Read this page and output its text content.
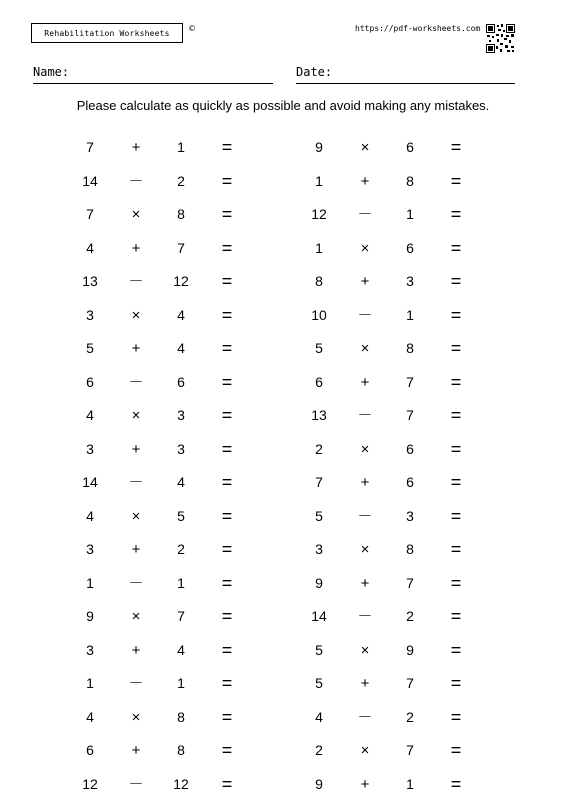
Rehabilitation Worksheets	©	https://pdf-worksheets.com
Name:	Date:
Please calculate as quickly as possible and avoid making any mistakes.
7	+	1	=	9	×	6	=
14	－	2	=	1	+	8	=
7	×	8	=	12	－	1	=
4	+	7	=	1	×	6	=
13	－	12	=	8	+	3	=
3	×	4	=	10	－	1	=
5	+	4	=	5	×	8	=
6	－	6	=	6	+	7	=
4	×	3	=	13	－	7	=
3	+	3	=	2	×	6	=
14	－	4	=	7	+	6	=
4	×	5	=	5	－	3	=
3	+	2	=	3	×	8	=
1	－	1	=	9	+	7	=
9	×	7	=	14	－	2	=
3	+	4	=	5	×	9	=
1	－	1	=	5	+	7	=
4	×	8	=	4	－	2	=
6	+	8	=	2	×	7	=
12	－	12	=	9	+	1	=
